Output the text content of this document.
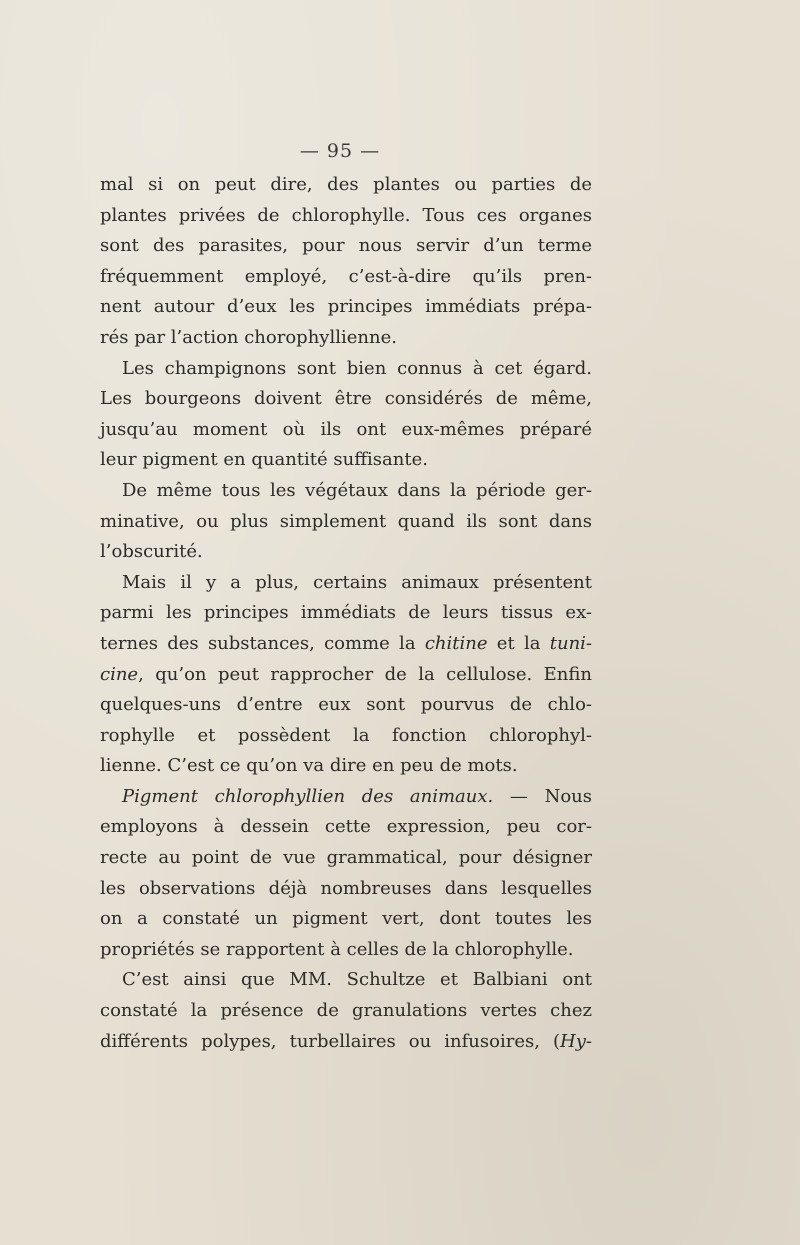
— 95 —
mal si on peut dire, des plantes ou parties de
plantes privées de chlorophylle. Tous ces organes
sont des parasites, pour nous servir d’un terme
fréquemment employé, c’est-à-dire qu’ils pren-
nent autour d’eux les principes immédiats prépa-
rés par l’action chorophyllienne.
Les champignons sont bien connus à cet égard.
Les bourgeons doivent être considérés de même,
jusqu’au moment où ils ont eux-mêmes préparé
leur pigment en quantité suffisante.
De même tous les végétaux dans la période ger-
minative, ou plus simplement quand ils sont dans
l’obscurité.
Mais il y a plus, certains animaux présentent
parmi les principes immédiats de leurs tissus ex-
ternes des substances, comme la chitine et la tuni-
cine, qu’on peut rapprocher de la cellulose. Enfin
quelques-uns d’entre eux sont pourvus de chlo-
rophylle et possèdent la fonction chlorophyl-
lienne. C’est ce qu’on va dire en peu de mots.
Pigment chlorophyllien des animaux. — Nous
employons à dessein cette expression, peu cor-
recte au point de vue grammatical, pour désigner
les observations déjà nombreuses dans lesquelles
on a constaté un pigment vert, dont toutes les
propriétés se rapportent à celles de la chlorophylle.
C’est ainsi que MM. Schultze et Balbiani ont
constaté la présence de granulations vertes chez
différents polypes, turbellaires ou infusoires, (Hy-
